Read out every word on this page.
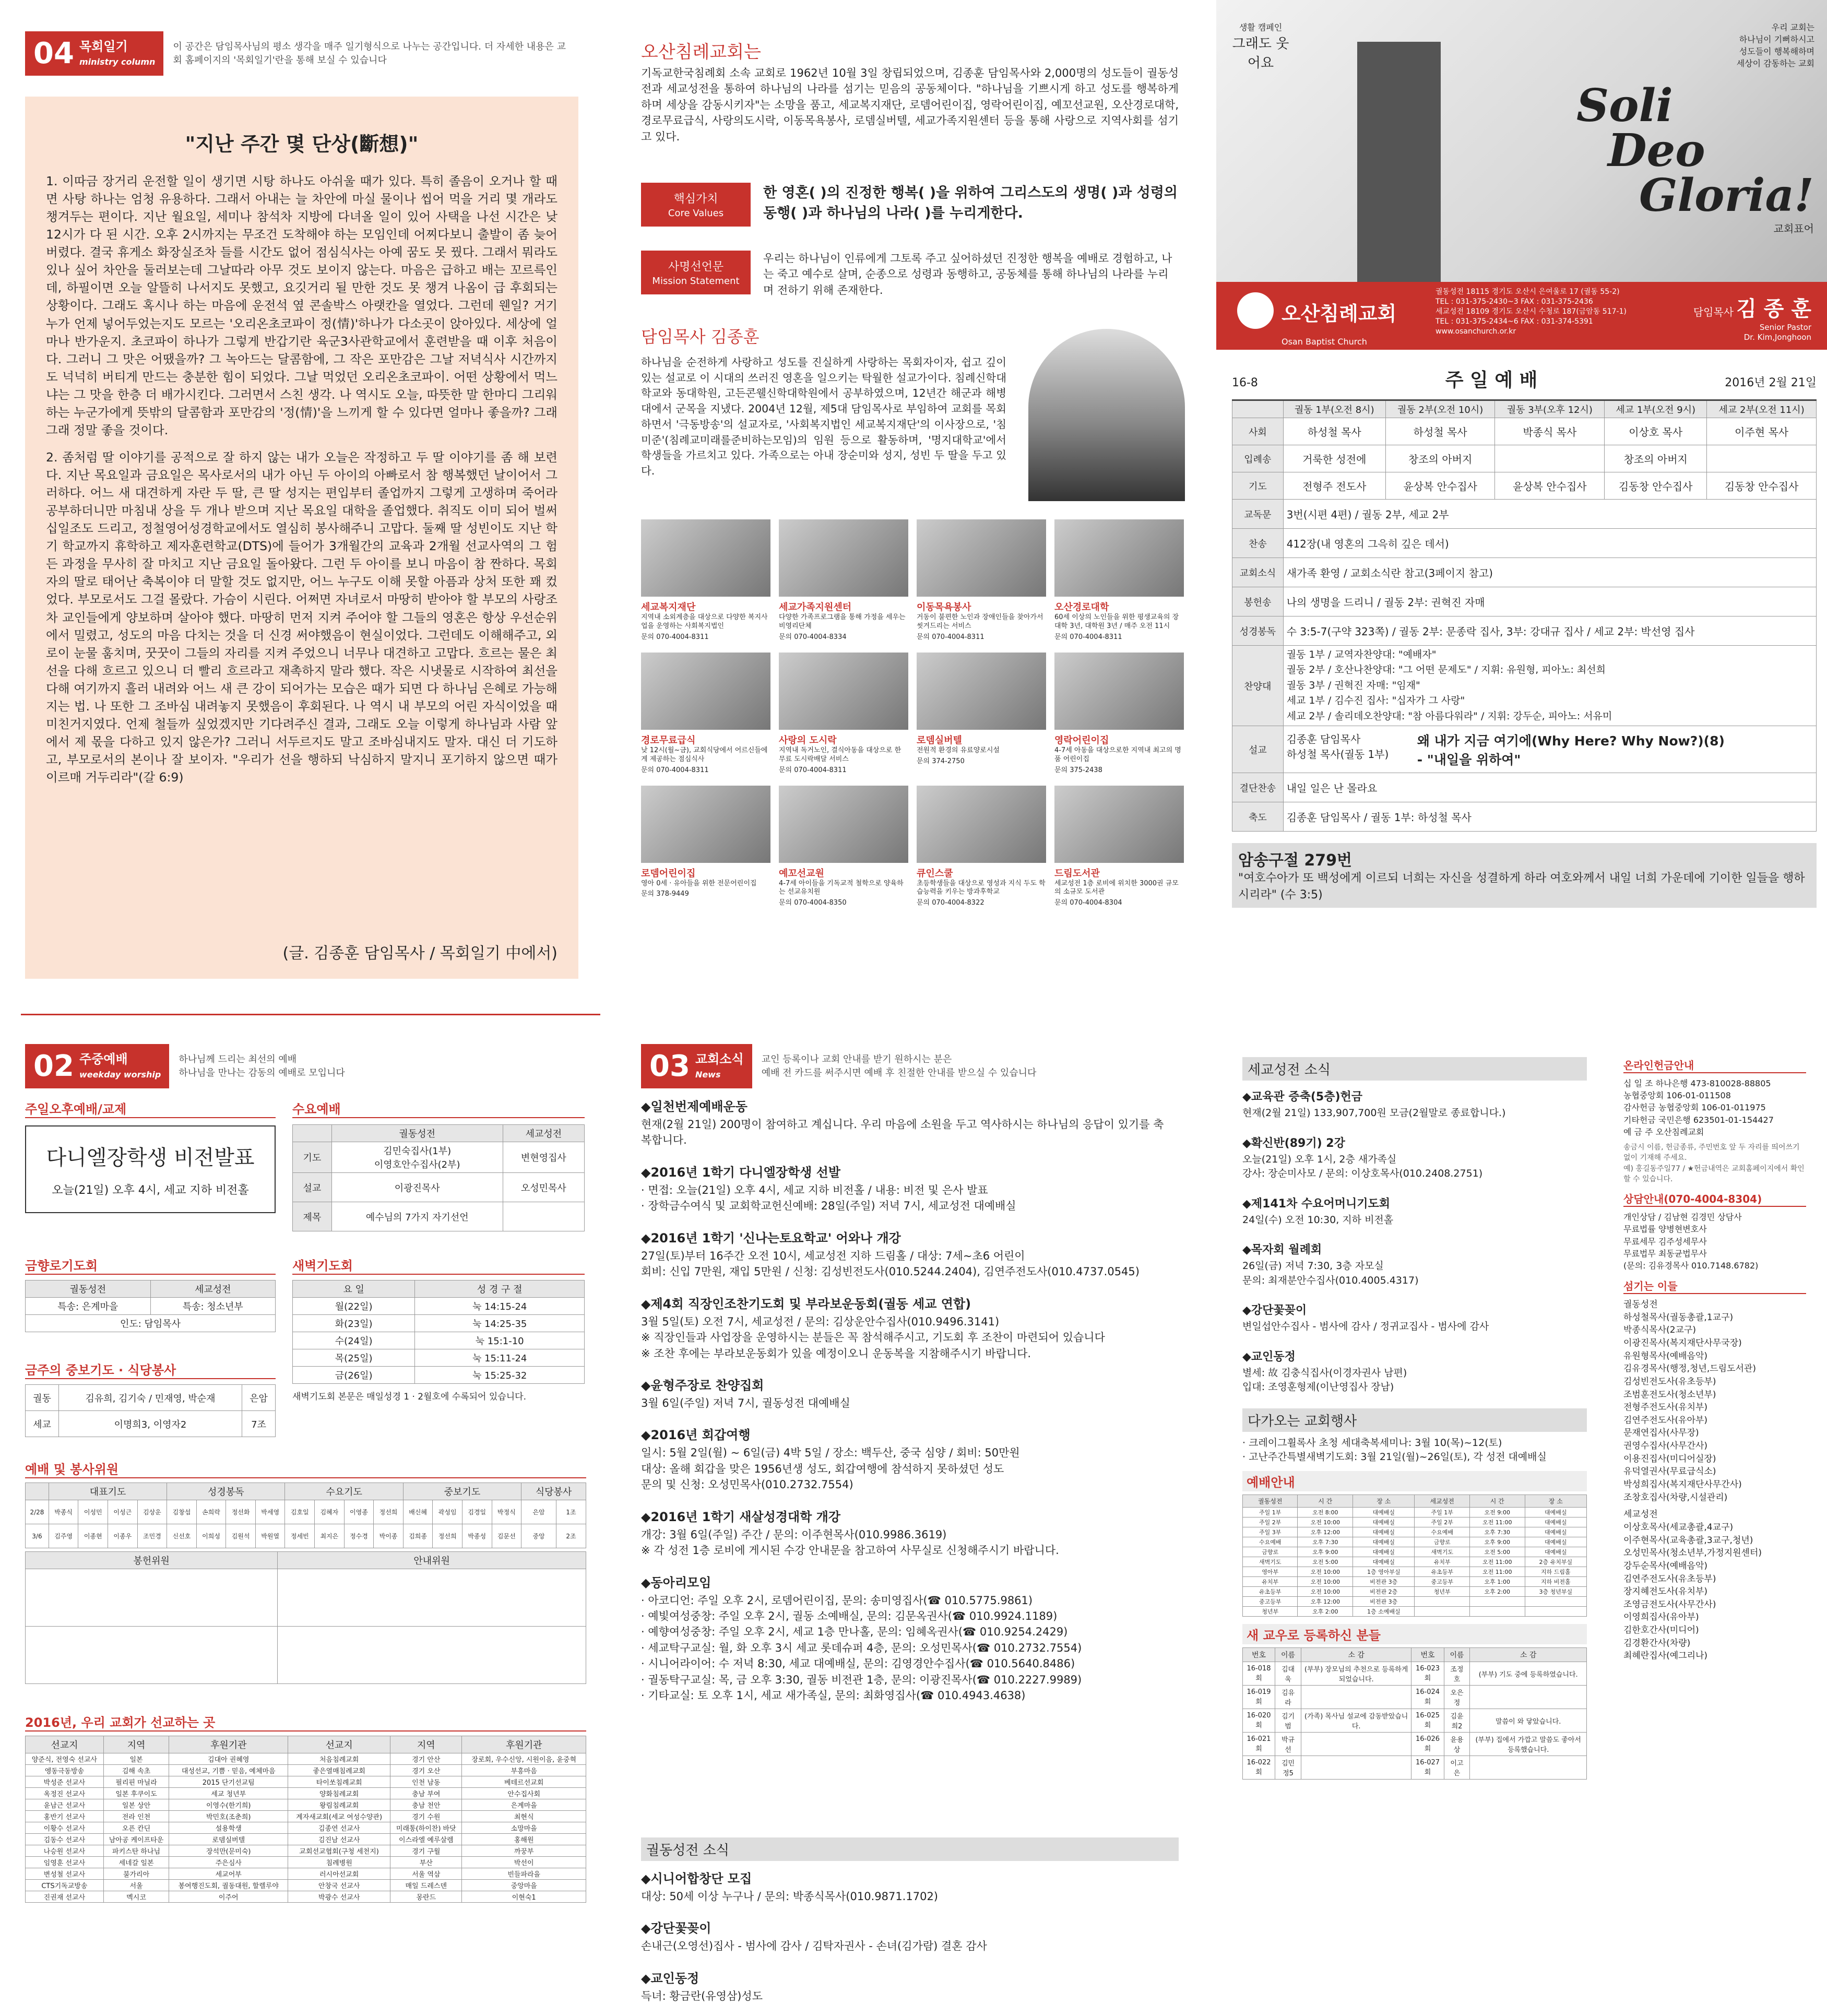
04 목회일기
ministry column
이 공간은 담임목사님의 평소 생각을 매주 일기형식으로 나누는 공간입니다. 더 자세한 내용은 교회 홈페이지의 '목회일기'란을 통해 보실 수 있습니다
"지난 주간 몇 단상(斷想)"

1. 이따금 장거리 운전할 일이 생기면 시탕 하나도 아쉬울 때가 있다. 특히 졸음이 오거나 할 때면 사탕 하나는 엄청 유용하다. 그래서 아내는 늘 차안에 마실 물이나 씹어 먹을 거리 몇 개라도 챙겨두는 편이다. 지난 월요일, 세미나 참석차 지방에 다녀올 일이 있어 사택을 나선 시간은 낮 12시가 다 된 시간. 오후 2시까지는 무조건 도착해야 하는 모임인데 어찌다보니 출발이 좀 늦어버렸다. 결국 휴게소 화장실조차 들를 시간도 없어 점심식사는 아예 꿈도 못 꿨다. 그래서 뭐라도 있나 싶어 차안을 둘러보는데 그날따라 아무 것도 보이지 않는다. 마음은 급하고 배는 꼬르륵인데, 하필이면 오늘 알뜰히 나서지도 못했고, 요깃거리 될 만한 것도 못 챙겨 나옴이 급 후회되는 상황이다. 그래도 혹시나 하는 마음에 운전석 옆 콘솔박스 아랫칸을 열었다. 그런데 웬일? 거기 누가 언제 넣어두었는지도 모르는 '오리온초코파이 정(情)'하나가 다소곳이 앉아있다. 세상에 얼마나 반가운지. 초코파이 하나가 그렇게 반갑기란 육군3사관학교에서 훈련받을 때 이후 처음이다. 그러니 그 맛은 어땠을까? 그 녹아드는 달콤함에, 그 작은 포만감은 그날 저녁식사 시간까지도 넉넉히 버티게 만드는 충분한 힘이 되었다. 그날 먹었던 오리온초코파이. 어떤 상황에서 먹느냐는 그 맛을 한층 더 배가시킨다. 그러면서 스친 생각. 나 역시도 오늘, 따뜻한 말 한마디 그리워하는 누군가에게 뜻밖의 달콤함과 포만감의 '정(情)'을 느끼게 할 수 있다면 얼마나 좋을까? 그래그래 정말 좋을 것이다.

2. 좀처럼 딸 이야기를 공적으로 잘 하지 않는 내가 오늘은 작정하고 두 딸 이야기를 좀 해 보련다. 지난 목요일과 금요일은 목사로서의 내가 아닌 두 아이의 아빠로서 참 행복했던 날이어서 그러하다. 어느 새 대견하게 자란 두 딸, 큰 딸 성지는 편입부터 졸업까지 그렇게 고생하며 죽어라 공부하더니만 마침내 상을 두 개나 받으며 지난 목요일 대학을 졸업했다. 취직도 이미 되어 벌써 십일조도 드리고, 정철영어성경학교에서도 열심히 봉사해주니 고맙다. 둘째 딸 성빈이도 지난 학기 학교까지 휴학하고 제자훈련학교(DTS)에 들어가 3개월간의 교육과 2개월 선교사역의 그 험든 과정을 무사히 잘 마치고 지난 금요일 돌아왔다. 그런 두 아이를 보니 마음이 참 짠하다. 목회자의 딸로 태어난 축복이야 더 말할 것도 없지만, 어느 누구도 이해 못할 아픔과 상처 또한 꽤 컸었다. 부모로서도 그걸 몰랐다. 가슴이 시린다. 어쩌면 자녀로서 마땅히 받아야 할 부모의 사랑조차 교인들에게 양보하며 살아야 했다. 마땅히 먼저 지켜 주어야 할 그들의 영혼은 항상 우선순위에서 밀렸고, 성도의 마음 다치는 것을 더 신경 써야했음이 현실이었다. 그런데도 이해해주고, 외로이 눈물 훔치며, 꿋꿋이 그들의 자리를 지켜 주었으니 너무나 대견하고 고맙다. 흐르는 물은 최선을 다해 흐르고 있으니 더 빨리 흐르라고 재촉하지 말라 했다. 작은 시냇물로 시작하여 최선을 다해 여기까지 흘러 내려와 어느 새 큰 강이 되어가는 모습은 때가 되면 다 하나님 은혜로 가능해지는 법. 나 또한 그 조바심 내려놓지 못했음이 후회된다. 나 역시 내 부모의 어린 자식이었을 때 미친거지였다. 언제 철들까 싶었겠지만 기다려주신 결과, 그래도 오늘 이렇게 하나님과 사람 앞에서 제 몫을 다하고 있지 않은가? 그러니 서두르지도 말고 조바심내지도 말자. 대신 더 기도하고, 부모로서의 본이나 잘 보이자. "우리가 선을 행하되 낙심하지 말지니 포기하지 않으면 때가 이르매 거두리라"(갈 6:9)

(글. 김종훈 담임목사 / 목회일기 中에서)
오산침례교회는

기독교한국침례회 소속 교회로 1962년 10월 3일 창립되었으며, 김종훈 담임목사와 2,000명의 성도들이 궐동성전과 세교성전을 통하여 하나님의 나라를 섬기는 믿음의 공동체이다. "하나님을 기쁘시게 하고 성도를 행복하게 하며 세상을 감동시키자"는 소망을 품고, 세교복지재단, 로뎀어린이집, 영락어린이집, 예꼬선교원, 오산경로대학, 경로무료급식, 사랑의도시락, 이동목욕봉사, 로뎀실버텔, 세교가족지원센터 등을 통해 사랑으로 지역사회를 섬기고 있다.

핵심가치
Core Values

한 영혼( )의 진정한 행복( )을 위하여 그리스도의 생명( )과 성령의 동행( )과 하나님의 나라( )를 누리게한다.

사명선언문
Mission Statement

우리는 하나님이 인류에게 그토록 주고 싶어하셨던 진정한 행복을 예배로 경험하고, 나는 죽고 예수로 살며, 순종으로 성령과 동행하고, 공동체를 통해 하나님의 나라를 누리며 전하기 위해 존재한다.

담임목사 김종훈

하나님을 순전하게 사랑하고 성도를 진실하게 사랑하는 목회자이자, 쉽고 깊이 있는 설교로 이 시대의 쓰러진 영혼을 일으키는 탁월한 설교가이다. 침례신학대학교와 동대학원, 고든콘웰신학대학원에서 공부하였으며, 12년간 해군과 해병대에서 군목을 지냈다. 2004년 12월, 제5대 담임목사로 부임하여 교회를 목회하면서 '극동방송'의 설교자로, '사회복지법인 세교복지재단'의 이사장으로, '침미준'(침례교미래를준비하는모임)의 임원 등으로 활동하며, '명지대학교'에서 학생들을 가르치고 있다. 가족으로는 아내 장순미와 성지, 성빈 두 딸을 두고 있다.

세교복지재단
지역내 소외계층을 대상으로 다양한 복지사업을 운영하는 사회복지법인
문의 070-4004-8311
세교가족지원센터
다양한 가족프로그램을 통해 가정을 세우는 비영리단체
문의 070-4004-8334
이동목욕봉사
거동이 불편한 노인과 장애인들을 찾아가서 씻겨드리는 서비스
문의 070-4004-8311
오산경로대학
60세 이상의 노인들을 위한 평생교육의 장 대학 3년, 대학원 3년 / 매주 오전 11시
문의 070-4004-8311
경로무료급식
낮 12시(월~금), 교회식당에서 어르신들에게 제공하는 점심식사
문의 070-4004-8311
사랑의 도시락
지역내 독거노인, 결식아동을 대상으로 한 무료 도시락배달 서비스
문의 070-4004-8311
로뎀실버텔
전원적 환경의 유료양로시설
문의 374-2750
영락어린이집
4-7세 아동을 대상으로한 지역내 최고의 명품 어린이집
문의 375-2438
로뎀어린이집
영아 0세 · 유아들을 위한 전문어린이집
문의 378-9449
예꼬선교원
4-7세 아이들을 기독교적 철학으로 양육하는 선교유치원
문의 070-4004-8350
큐인스쿨
초등학생들을 대상으로 영성과 지식 두도 학습능력을 키우는 방과후학교
문의 070-4004-8322
드림도서관
세교성전 1층 로비에 위치한 3000권 규모의 소규모 도서관
문의 070-4004-8304
생활 캠페인
그래도 웃어요
우리 교회는
하나님이 기뻐하시고
성도들이 행복해하며
세상이 감동하는 교회
Soli
Deo
Gloria!
교회표어
오산침례교회
Osan Baptist Church
궐동성전 18115 경기도 오산시 은여울로 17 (궐동 55-2)
TEL : 031-375-2430~3 FAX : 031-375-2436
세교성전 18109 경기도 오산시 수청로 187(금암동 517-1)
TEL : 031-375-2434~6 FAX : 031-374-5391
www.osanchurch.or.kr
담임목사 김 종 훈
Senior Pastor
Dr. Kim,Jonghoon
16-8	주 일 예 배	2016년 2월 21일
	궐동 1부(오전 8시)	궐동 2부(오전 10시)	궐동 3부(오후 12시)	세교 1부(오전 9시)	세교 2부(오전 11시)
사회	하성철 목사	하성철 목사	박종식 목사	이상호 목사	이주현 목사
입례송	거룩한 성전에	창조의 아버지		창조의 아버지	
기도	전형주 전도사	윤상복 안수집사	윤상복 안수집사	김동창 안수집사	김동창 안수집사
교독문	3번(시편 4편) / 궐동 2부, 세교 2부				
찬송	412장(내 영혼의 그윽히 깊은 데서)				
교회소식	새가족 환영 / 교회소식란 참고(3페이지 참고)				
봉헌송	나의 생명을 드리니 / 궐동 2부: 권혁진 자매				
성경봉독	수 3:5-7(구약 323쪽) / 궐동 2부: 문종락 집사, 3부: 강대규 집사 / 세교 2부: 박선영 집사				
찬양대	궐동 1부 / 교역자찬양대: "예배자"
궐동 2부 / 호산나찬양대: "그 어떤 문제도" / 지휘: 유원형, 피아노: 최선희
궐동 3부 / 권혁진 자매: "임재"
세교 1부 / 김수진 집사: "십자가 그 사랑"
세교 2부 / 솔리데오찬양대: "참 아름다워라" / 지휘: 강두순, 피아노: 서유미				

설교	김종훈 담임목사
하성철 목사(궐동 1부)
왜 내가 지금 여기에(Why Here? Why Now?)(8)
- "내일을 위하여"				

결단찬송	내일 일은 난 몰라요				
축도	김종훈 담임목사 / 궐동 1부: 하성철 목사				
암송구절 279번

"여호수아가 또 백성에게 이르되 너희는 자신을 성결하게 하라 여호와께서 내일 너희 가운데에 기이한 일들을 행하시리라" (수 3:5)

02 주중예배
weekday worship
하나님께 드리는 최선의 예배
하나님을 만나는 감동의 예배로 모입니다
주일오후예배/교제
다니엘장학생 비전발표
오늘(21일) 오후 4시, 세교 지하 비전홀
수요예배
	궐동성전	세교성전
기도	김민숙집사(1부)
이영호안수집사(2부)	변현영집사
설교	이광진목사	오성민목사
제목	예수님의 7가지 자기선언	
금향로기도회
궐동성전	세교성전
특송: 은계마을	특송: 청소년부
인도: 담임목사	
새벽기도회
요 일	성 경 구 절
월(22일)	눅 14:15-24
화(23일)	눅 14:25-35
수(24일)	눅 15:1-10
목(25일)	눅 15:11-24
금(26일)	눅 15:25-32
새벽기도회 본문은 매일성경 1 · 2월호에 수록되어 있습니다.
금주의 중보기도 · 식당봉사
궐동	김유희, 김기숙 / 민재영, 박순재	은암
세교	이명희3, 이영자2	7조
예배 및 봉사위원
	대표기도				성경봉독				수요기도				중보기도				식당봉사	
2/28	박종식	이성민	이성근	김상운	김창섭	손희락	정선화	박세영	김호일	김혜자	이영종	정선희	배신혜	곽성임	김경일	박정식	은암	1조
3/6	김주영	이종현	이종우	조민경	신선호	이희성	김원석	박원열	정세빈	최지은	정수경	박이종	김희종	정선희	박종성	김문선	중앙	2조
봉헌위원	안내위원

2016년, 우리 교회가 선교하는 곳
선교지	지역	후원기관	선교지	지역	후원기관
양준식, 전영숙 선교사	일본	김대아 권혜영	처음침례교회	경기 안산	장로회, 우수신앙, 시원이음, 윤중혁
엥동극동방송	김해 속초	대성선교, 기쁨 · 믿음, 예체마음	좋은열매침례교회	경기 오산	부흥마음
박성준 선교사	필리핀 마닐라	2015 단기선교팀	타이쏘침례교회	인천 남동	베테르선교회
옥정진 선교사	일본 후쿠이도	세교 청년부	양화침례교회	충남 부여	안수집사회
윤남근 선교사	일본 상안	이영수(한기희)	왕림침례교회	충남 천안	은계마을
홍반기 선교사	전라 인천	박민호(조춘희)	계자새교회(세교 여성수양관)	경기 수원	최현식
이황수 선교사	오픈 칸딘	설용학생	김종연 선교사	미래통(하이찬) 바닷	소망마을
김동수 선교사	남아공 케이프타운	로뎀실버텔	김진남 선교사	이스라엘 예루살렘	홍해원
나승원 선교사	파키스탄 하나님	장석만(문미숙)	교회선교협회(구청 세천지)	경기 구월	까꿍부
임영훈 선교사	세네갈 일본	주은심사	침례병원	부산	박선이
변성철 선교사	불가리아	세교어부	러시아선교회	서울 역삼	빈들파라을
CTS기독교방송	서울	봉여행진도회, 궐동대원, 할렐루야	안창국 선교사	매일 드레스덴	중앙마을
진권재 선교사	멕시코	이주어	박광수 선교사	몽란드	이현숙1
03 교회소식
News
교인 등록이나 교회 안내를 받기 원하시는 분은
예배 전 카드를 써주시면 예배 후 친절한 안내를 받으실 수 있습니다
◆일천번제예배운동
현재(2월 21일) 200명이 참여하고 계십니다. 우리 마음에 소원을 두고 역사하시는 하나님의 응답이 있기를 축복합니다.
◆2016년 1학기 다니엘장학생 선발
· 면접: 오늘(21일) 오후 4시, 세교 지하 비전홀 / 내용: 비전 및 은사 발표
· 장학금수여식 및 교회학교헌신예배: 28일(주일) 저녁 7시, 세교성전 대예배실
◆2016년 1학기 '신나는토요학교' 어와나 개강
27일(토)부터 16주간 오전 10시, 세교성전 지하 드림홀 / 대상: 7세~초6 어린이
회비: 신입 7만원, 재입 5만원 / 신청: 김성빈전도사(010.5244.2404), 김연주전도사(010.4737.0545)
◆제4회 직장인조찬기도회 및 부라보운동회(궐동 세교 연합)
3월 5일(토) 오전 7시, 세교성전 / 문의: 김상운안수집사(010.9496.3141)
※ 직장인들과 사업장을 운영하시는 분들은 꼭 참석해주시고, 기도회 후 조찬이 마련되어 있습니다
※ 조찬 후에는 부라보운동회가 있을 예정이오니 운동복을 지참해주시기 바랍니다.
◆윤형주장로 찬양집회
3월 6일(주일) 저녁 7시, 궐동성전 대예배실
◆2016년 회갑여행
일시: 5월 2일(월) ~ 6일(금) 4박 5일 / 장소: 백두산, 중국 심양 / 회비: 50만원
대상: 올해 회갑을 맞은 1956년생 성도, 회갑여행에 참석하지 못하셨던 성도
문의 및 신청: 오성민목사(010.2732.7554)
◆2016년 1학기 새살성경대학 개강
개강: 3월 6일(주일) 주간 / 문의: 이주현목사(010.9986.3619)
※ 각 성전 1층 로비에 게시된 수강 안내문을 참고하여 사무실로 신청해주시기 바랍니다.
◆동아리모임
· 아코디언: 주일 오후 2시, 로뎀어린이집, 문의: 송미영집사(☎ 010.5775.9861)
· 예빛여성중창: 주일 오후 2시, 궐동 소예배실, 문의: 김문옥권사(☎ 010.9924.1189)
· 예향여성중창: 주일 오후 2시, 세교 1층 만나홀, 문의: 임혜옥권사(☎ 010.9254.2429)
· 세교탁구교실: 월, 화 오후 3시 세교 롯데슈퍼 4층, 문의: 오성민목사(☎ 010.2732.7554)
· 시니어라이어: 수 저녁 8:30, 세교 대예배실, 문의: 김영경안수집사(☎ 010.5640.8486)
· 궐동탁구교실: 목, 금 오후 3:30, 궐동 비전관 1층, 문의: 이광진목사(☎ 010.2227.9989)
· 기타교실: 토 오후 1시, 세교 새가족실, 문의: 최화영집사(☎ 010.4943.4638)
궐동성전 소식
◆시니어합창단 모집
대상: 50세 이상 누구나 / 문의: 박종식목사(010.9871.1702)
◆강단꽃꽂이
손내근(오영선)집사 - 범사에 감사 / 김탁자권사 - 손녀(김가람) 결혼 감사
◆교인동정
득녀: 황금란(유영삼)성도
세교성전 소식
◆교육관 증축(5층)헌금
현재(2월 21일) 133,907,700원 모금(2월말로 종료합니다.)
◆확신반(89기) 2강
오늘(21일) 오후 1시, 2층 새가족실
강사: 장순미사모 / 문의: 이상호목사(010.2408.2751)
◆제141차 수요어머니기도회
24일(수) 오전 10:30, 지하 비전홀
◆목자회 월례회
26일(금) 저녁 7:30, 3층 자모실
문의: 최재분안수집사(010.4005.4317)
◆강단꽃꽂이
변일섭안수집사 - 범사에 감사 / 정귀교집사 - 범사에 감사
◆교인동정
별세: 故 김충식집사(이경자권사 남편)
입대: 조영훈형제(이난영집사 장남)
다가오는 교회행사

· 크레이그휠록사 초청 세대축복세미나: 3월 10(목)~12(토)
· 고난주간특별새벽기도회: 3월 21일(월)~26일(토), 각 성전 대예배실

예배안내
궐동성전	시 간	장 소	세교성전	시 간	장 소
주일 1부	오전 8:00	대예배실	주일 1부	오전 9:00	대예배실
주일 2부	오전 10:00	대예배실	주일 2부	오전 11:00	대예배실
주일 3부	오후 12:00	대예배실	수요예배	오후 7:30	대예배실
수요예배	오후 7:30	대예배실	금향로	오후 9:00	대예배실
금향로	오후 9:00	대예배실	새벽기도	오전 5:00	대예배실
새벽기도	오전 5:00	대예배실	유치부	오전 11:00	2층 유치부실
영아부	오전 10:00	1층 영아부실	유초등부	오전 11:00	지하 드림홀
유치부	오전 10:00	비전관 3층	중고등부	오후 1:00	지하 비전홀
유초등부	오전 10:00	비전관 2층	청년부	오후 2:00	3층 청년부실
중고등부	오후 12:00	비전관 3층			
청년부	오후 2:00	1층 소예배실			
새 교우로 등록하신 분들
번호	이름	소 감	번호	이름	소 감
16-018회	김대욱	(부부) 장모님의 추천으로 등록하게 되었습니다.	16-023회	조정호	(부부) 기도 중에 등록하였습니다.
16-019회	김유라		16-024회	오은정	
16-020회	김기범	(가족) 목사님 설교에 감동받았습니다.	16-025회	김윤희2	말씀이 와 닿았습니다.
16-021회	박규선		16-026회	윤용상	(부부) 집에서 가깝고 말씀도 좋아서 등록했습니다.
16-022회	김민정5		16-027회	이고은	
온라인헌금안내

십 일 조 하나은행 473-810028-88805
농협중앙회 106-01-011508
감사헌금 농협중앙회 106-01-011975
기타헌금 국민은행 623501-01-154427
예 금 주 오산침례교회

송금시 이름, 헌금종류, 주민번호 앞 두 자리를 띄어쓰기 없이 기재해 주세요.
예) 홍길동주일77 / ★헌금내역은 교회홈페이지에서 확인할 수 있습니다.

상담안내(070-4004-8304)

개인상담 / 김남현 김경민 상담사
무료법률 양병현변호사
무료세무 김주성세무사
무료법무 최동균법무사
(문의: 김유경목사 010.7148.6782)

섬기는 이들

궐동성전
하성철목사(궐동총괄,1교구)
박종식목사(2교구)
이광진목사(복지재단사무국장)
유원형목사(예배음악)
김유경목사(행정,청년,드림도서관)
김성빈전도사(유초등부)
조범훈전도사(청소년부)
전형주전도사(유치부)
김연주전도사(유아부)
문재연집사(사무장)
권영수집사(사무간사)
이용진집사(미디어실장)
유덕열권사(무료급식소)
박성희집사(복지재단사무간사)
조창호집사(차량,시설관리)

세교성전
이상호목사(세교총괄,4교구)
이주현목사(교육총괄,3교구,청년)
오성민목사(청소년부,가정지원센터)
강두순목사(예배음악)
김연주전도사(유초등부)
장지혜전도사(유치부)
조영금전도사(사무간사)
이영희집사(유아부)
김한호간사(미디어)
김경환간사(차량)
최혜란집사(예그리나)
